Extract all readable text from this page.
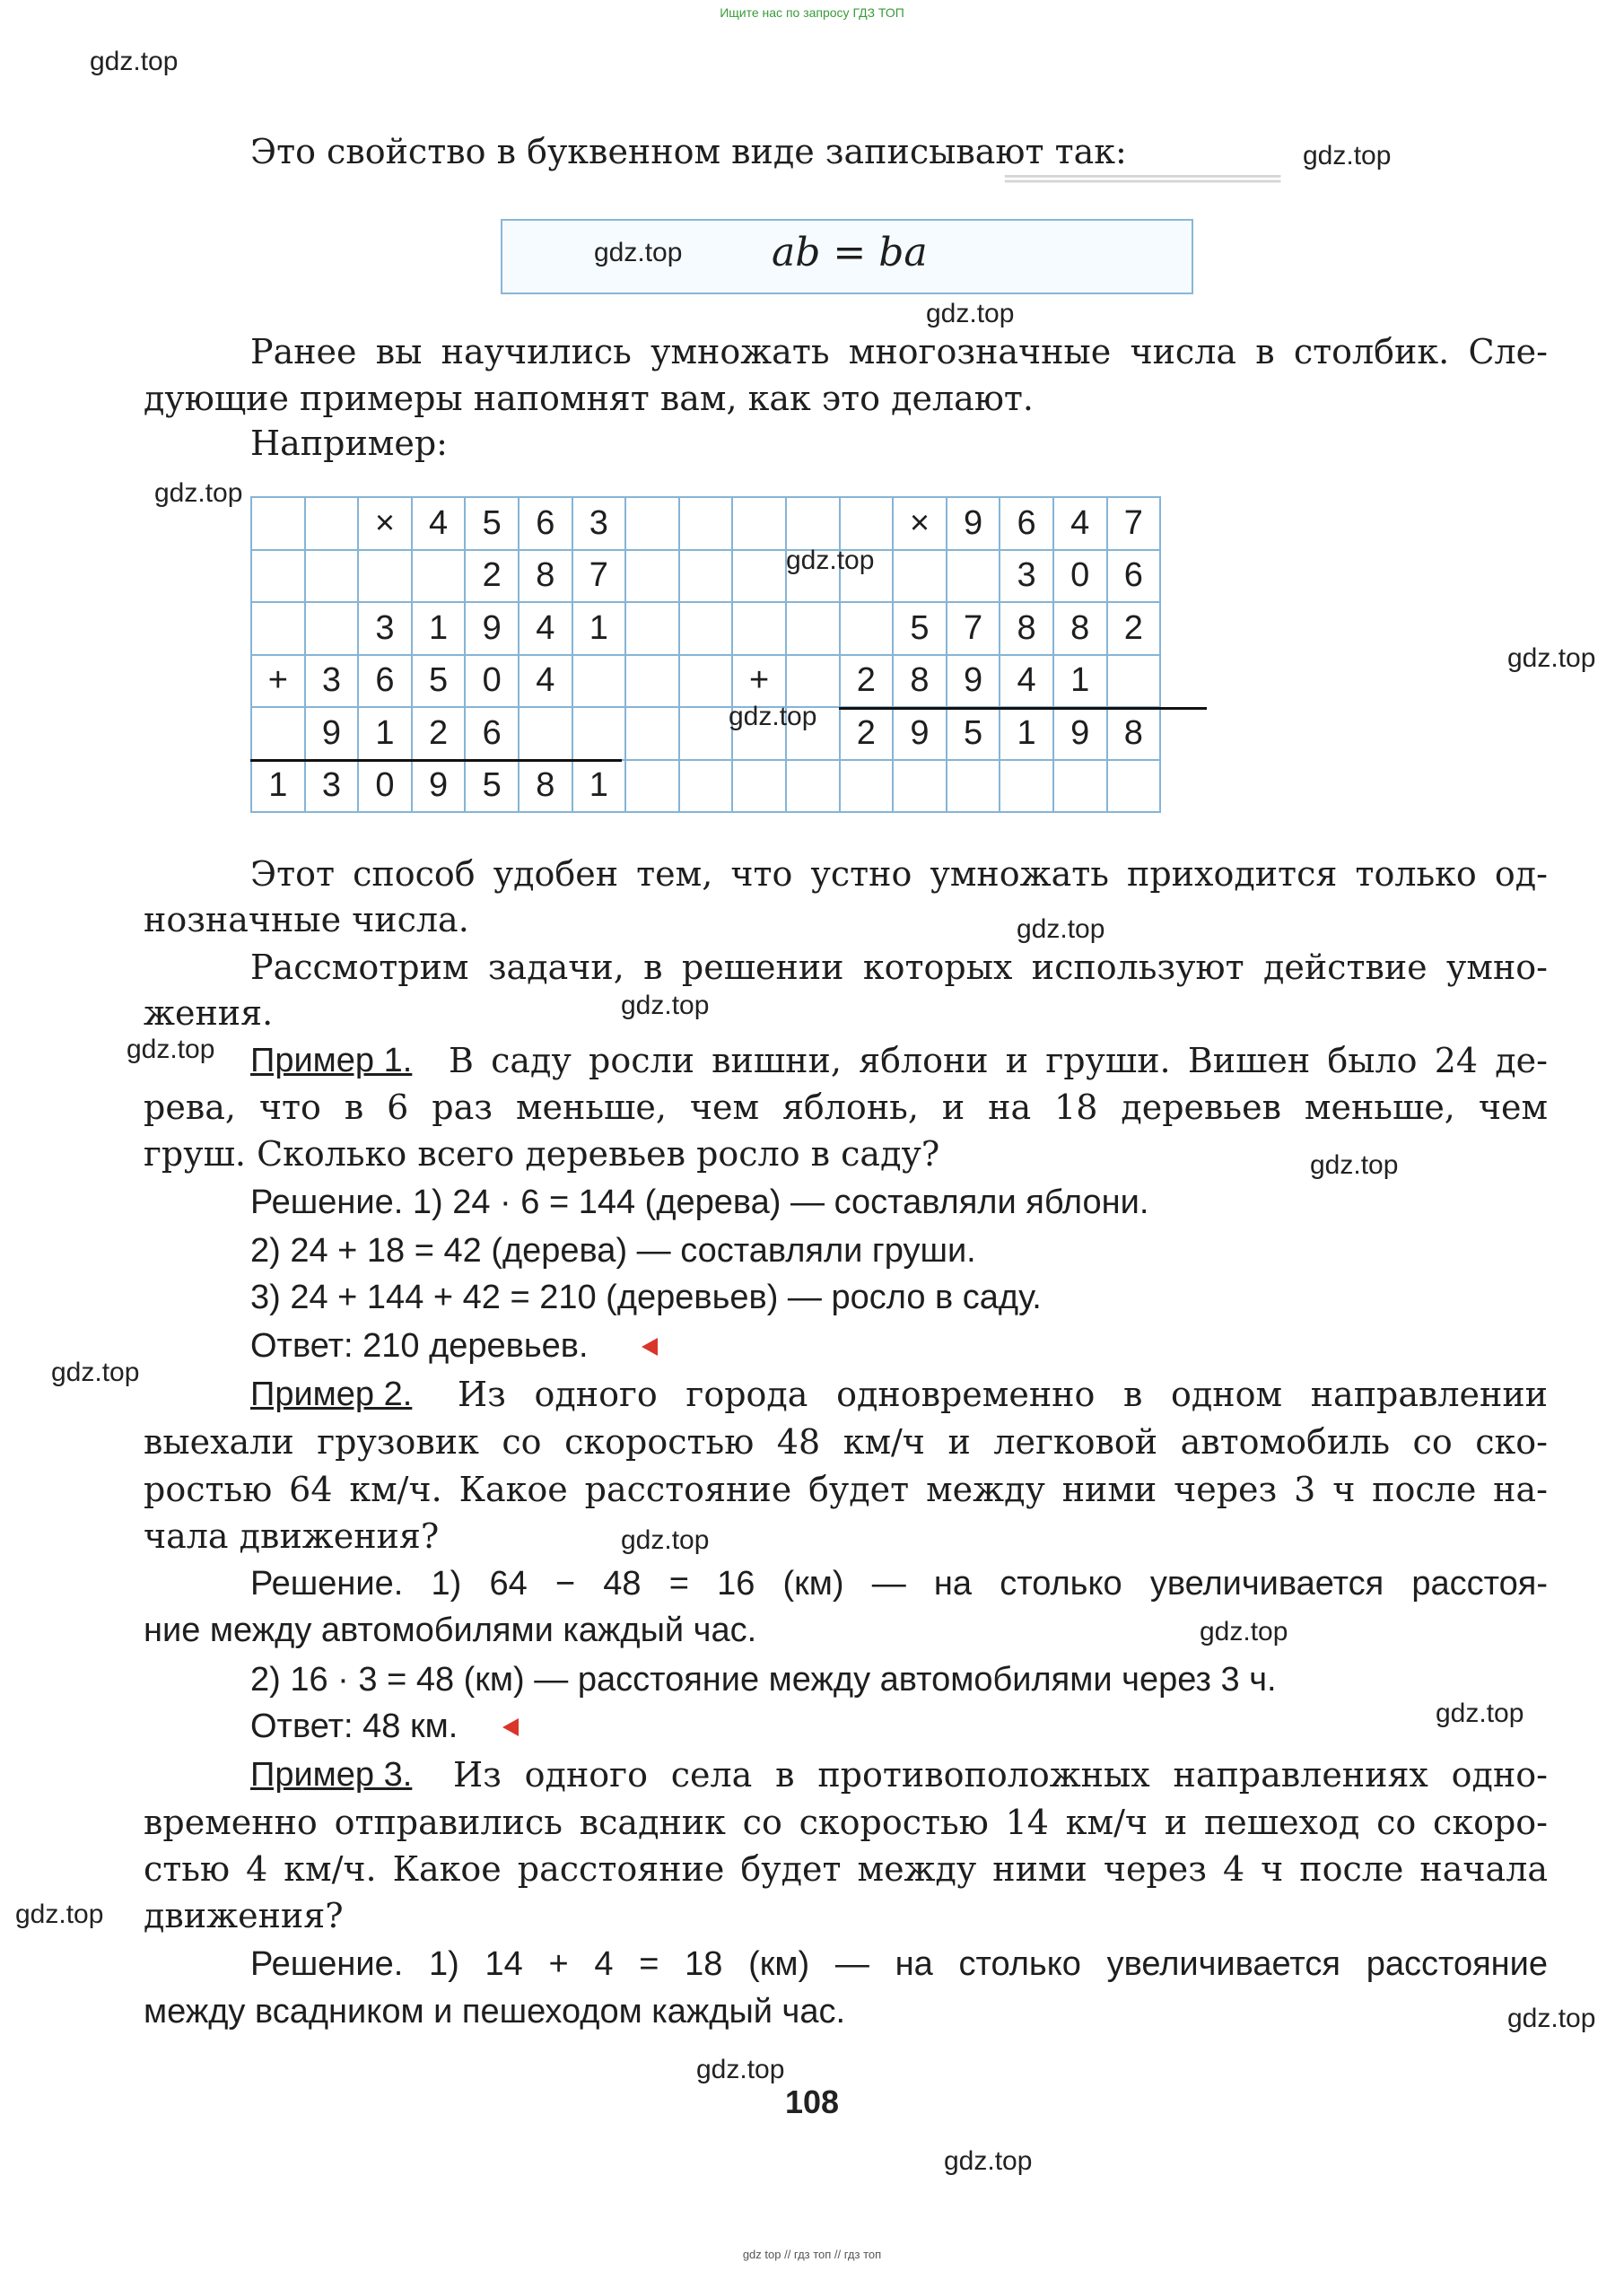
Ищите нас по запросу ГДЗ ТОП
gdz top // гдз топ // гдз топ
═══════════════
Это свойство в буквенном виде записывают так:
ab = ba
Ранее вы научились умножать многозначные числа в столбик. Сле-
дующие примеры напомнят вам, как это делают.
Например:
		×	4	5	6	3						×	9	6	4	7
				2	8	7								3	0	6
		3	1	9	4	1						5	7	8	8	2
+	3	6	5	0	4				+		2	8	9	4	1	
	9	1	2	6							2	9	5	1	9	8
1	3	0	9	5	8	1										
Этот способ удобен тем, что устно умножать приходится только од-
нозначные числа.
Рассмотрим задачи, в решении которых используют действие умно-
жения.
Пример 1. В саду росли вишни, яблони и груши. Вишен было 24 де-
рева, что в 6 раз меньше, чем яблонь, и на 18 деревьев меньше, чем
груш. Сколько всего деревьев росло в саду?
Решение. 1) 24 · 6 = 144 (дерева) — составляли яблони.
2) 24 + 18 = 42 (дерева) — составляли груши.
3) 24 + 144 + 42 = 210 (деревьев) — росло в саду.
Ответ: 210 деревьев.
Пример 2. Из одного города одновременно в одном направлении
выехали грузовик со скоростью 48 км/ч и легковой автомобиль со ско-
ростью 64 км/ч. Какое расстояние будет между ними через 3 ч после на-
чала движения?
Решение. 1) 64 − 48 = 16 (км) — на столько увеличивается расстоя-
ние между автомобилями каждый час.
2) 16 · 3 = 48 (км) — расстояние между автомобилями через 3 ч.
Ответ: 48 км.
Пример 3. Из одного села в противоположных направлениях одно-
временно отправились всадник со скоростью 14 км/ч и пешеход со скоро-
стью 4 км/ч. Какое расстояние будет между ними через 4 ч после начала
движения?
Решение. 1) 14 + 4 = 18 (км) — на столько увеличивается расстояние
между всадником и пешеходом каждый час.
108
gdz.top
gdz.top
gdz.top
gdz.top
gdz.top
gdz.top
gdz.top
gdz.top
gdz.top
gdz.top
gdz.top
gdz.top
gdz.top
gdz.top
gdz.top
gdz.top
gdz.top
gdz.top
gdz.top
gdz.top
